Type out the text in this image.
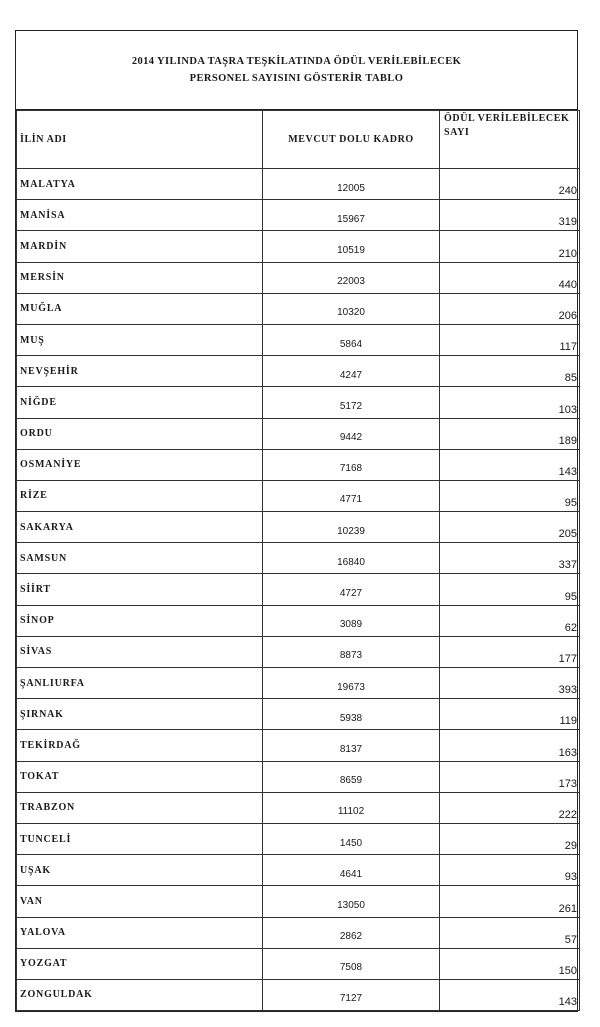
2014 YILINDA TAŞRA TEŞKİLATINDA ÖDÜL VERİLEBİLECEK
PERSONEL SAYISINI GÖSTERİR TABLO
İLİN ADI	MEVCUT DOLU KADRO	ÖDÜL VERİLEBİLECEK SAYI
MALATYA	12005	240
MANİSA	15967	319
MARDİN	10519	210
MERSİN	22003	440
MUĞLA	10320	206
MUŞ	5864	117
NEVŞEHİR	4247	85
NİĞDE	5172	103
ORDU	9442	189
OSMANİYE	7168	143
RİZE	4771	95
SAKARYA	10239	205
SAMSUN	16840	337
SİİRT	4727	95
SİNOP	3089	62
SİVAS	8873	177
ŞANLIURFA	19673	393
ŞIRNAK	5938	119
TEKİRDAĞ	8137	163
TOKAT	8659	173
TRABZON	11102	222
TUNCELİ	1450	29
UŞAK	4641	93
VAN	13050	261
YALOVA	2862	57
YOZGAT	7508	150
ZONGULDAK	7127	143
